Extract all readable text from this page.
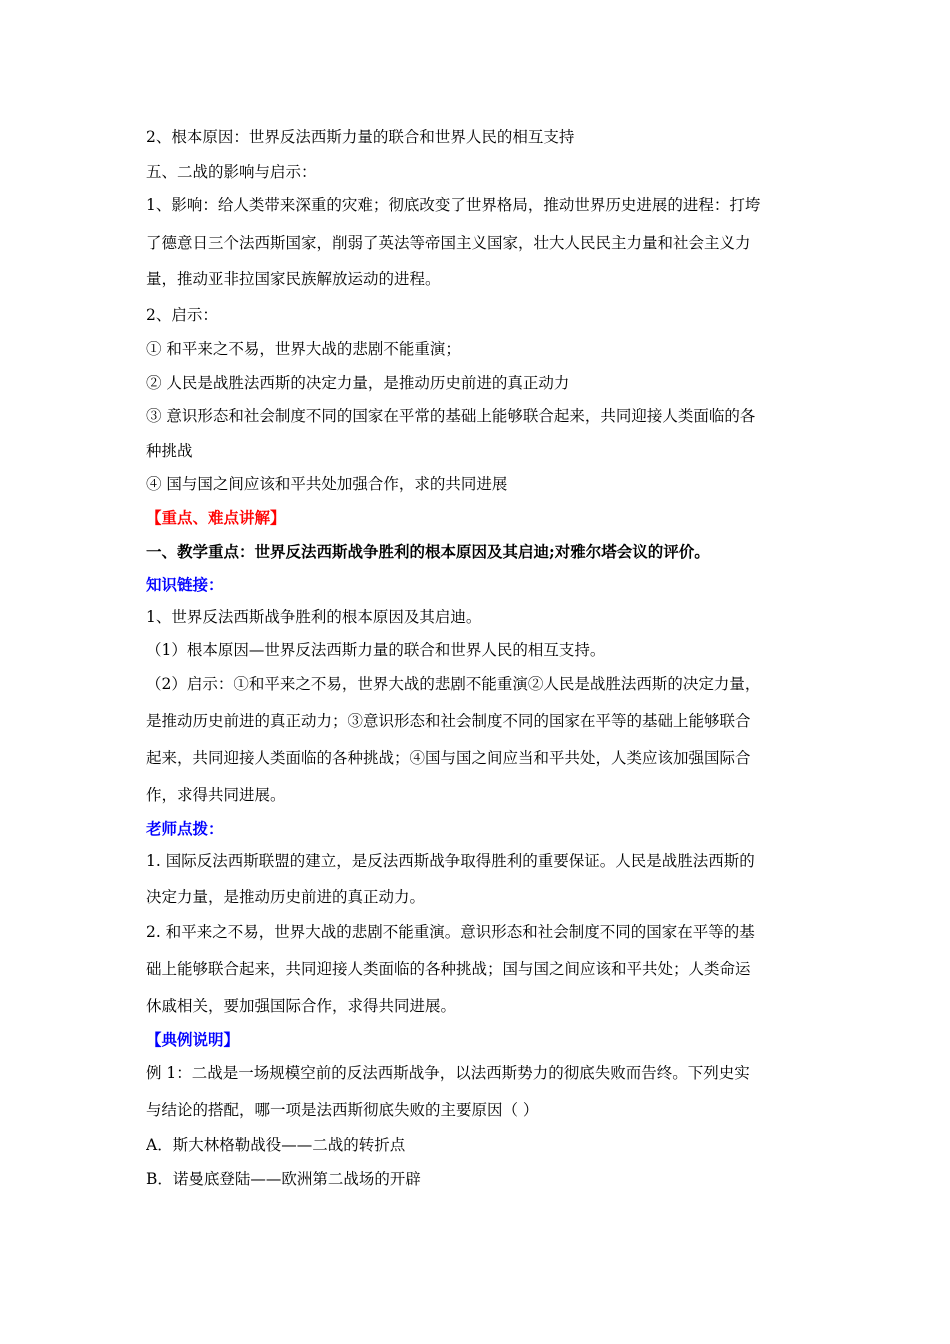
2、根本原因：世界反法西斯力量的联合和世界人民的相互支持
五、二战的影响与启示：
1、影响：给人类带来深重的灾难；彻底改变了世界格局，推动世界历史进展的进程：打垮
了德意日三个法西斯国家，削弱了英法等帝国主义国家，壮大人民民主力量和社会主义力
量，推动亚非拉国家民族解放运动的进程。
2、启示：
① 和平来之不易，世界大战的悲剧不能重演；
② 人民是战胜法西斯的决定力量，是推动历史前进的真正动力
③ 意识形态和社会制度不同的国家在平常的基础上能够联合起来，共同迎接人类面临的各
种挑战
④ 国与国之间应该和平共处加强合作，求的共同进展
【重点、难点讲解】
一、教学重点：世界反法西斯战争胜利的根本原因及其启迪;对雅尔塔会议的评价。
知识链接：
1、世界反法西斯战争胜利的根本原因及其启迪。
（1）根本原因—世界反法西斯力量的联合和世界人民的相互支持。
（2）启示：①和平来之不易，世界大战的悲剧不能重演②人民是战胜法西斯的决定力量，
是推动历史前进的真正动力；③意识形态和社会制度不同的国家在平等的基础上能够联合
起来，共同迎接人类面临的各种挑战；④国与国之间应当和平共处，人类应该加强国际合
作，求得共同进展。
老师点拨：
1. 国际反法西斯联盟的建立，是反法西斯战争取得胜利的重要保证。人民是战胜法西斯的
决定力量，是推动历史前进的真正动力。
2. 和平来之不易，世界大战的悲剧不能重演。意识形态和社会制度不同的国家在平等的基
础上能够联合起来，共同迎接人类面临的各种挑战；国与国之间应该和平共处；人类命运
休戚相关，要加强国际合作，求得共同进展。
【典例说明】
例 1：二战是一场规模空前的反法西斯战争，以法西斯势力的彻底失败而告终。下列史实
与结论的搭配，哪一项是法西斯彻底失败的主要原因（ ）
A．斯大林格勒战役——二战的转折点
B．诺曼底登陆——欧洲第二战场的开辟
